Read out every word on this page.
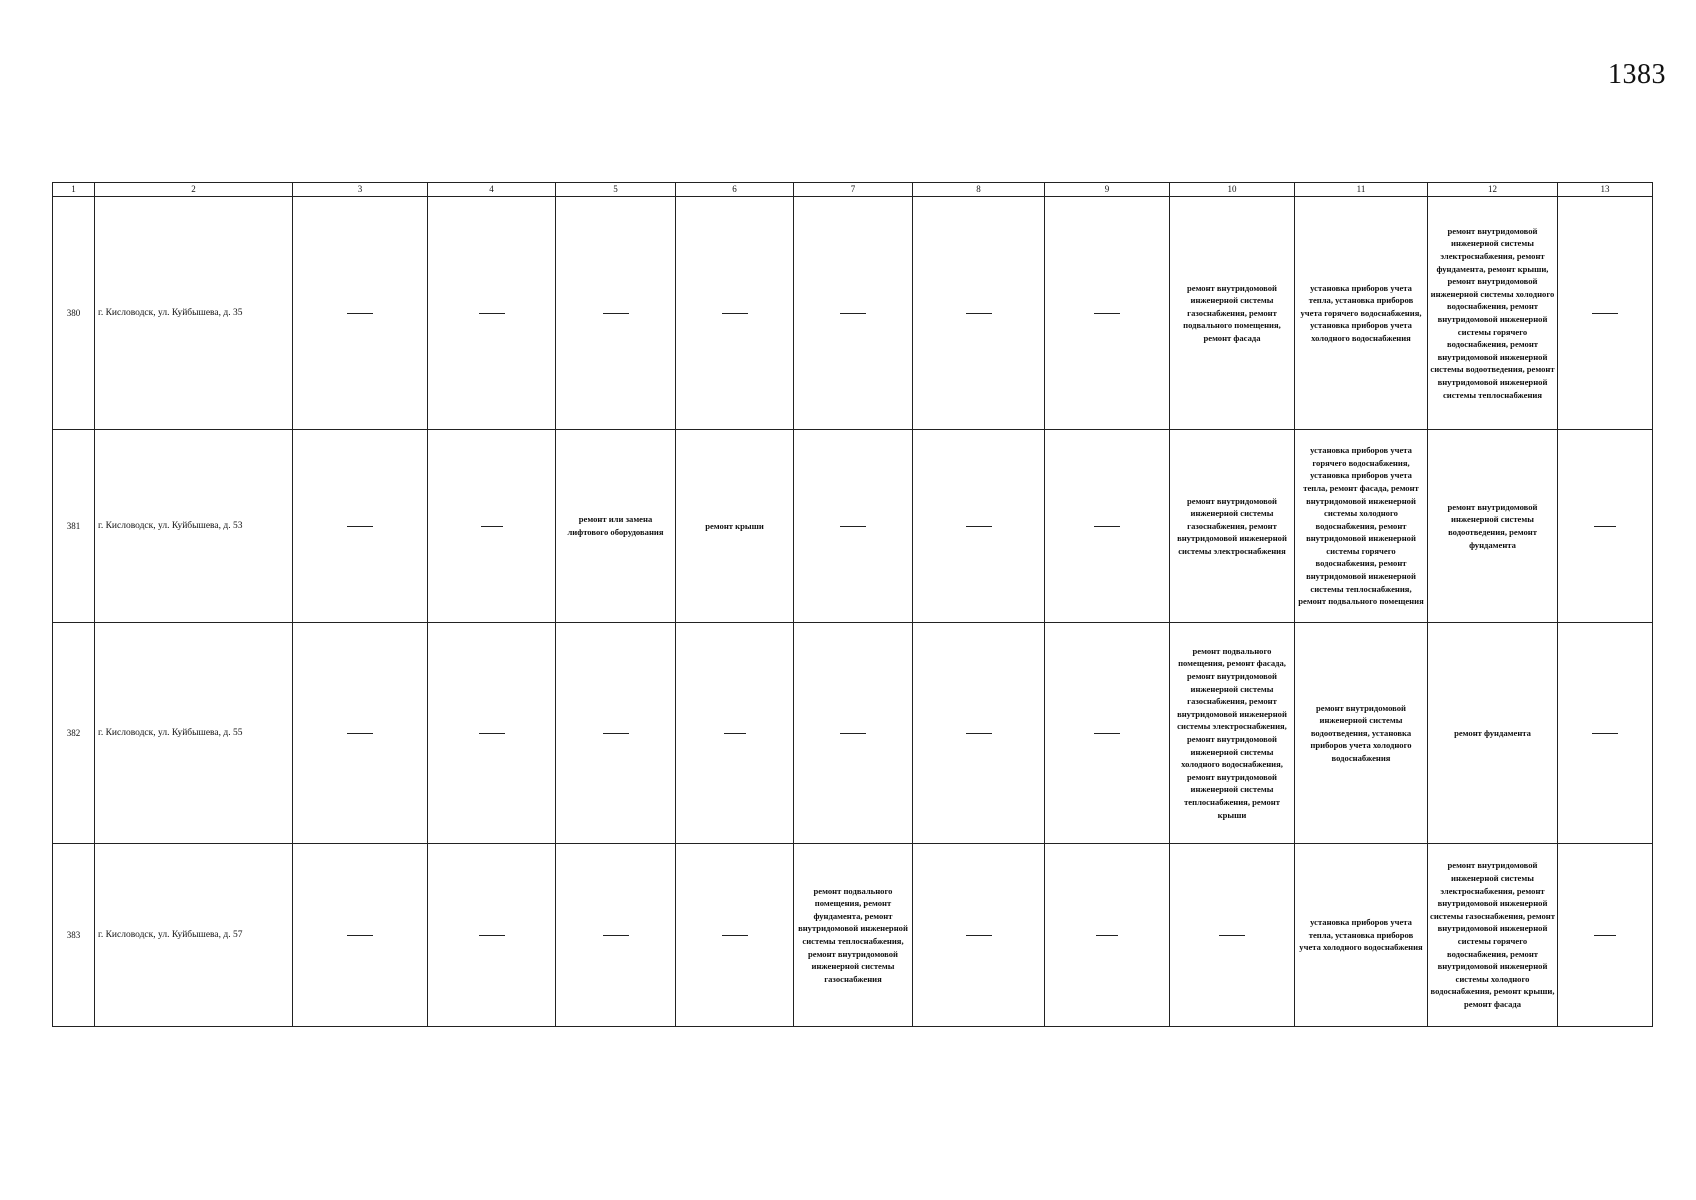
1383
1	2	3	4	5	6	7	8	9	10	11	12	13
380	г. Кисловодск, ул. Куйбышева, д. 35								ремонт внутридомовой инженерной системы газоснабжения, ремонт подвального помещения, ремонт фасада	установка приборов учета тепла, установка приборов учета горячего водоснабжения, установка приборов учета холодного водоснабжения	ремонт внутридомовой инженерной системы электроснабжения, ремонт фундамента, ремонт крыши, ремонт внутридомовой инженерной системы холодного водоснабжения, ремонт внутридомовой инженерной системы горячего водоснабжения, ремонт внутридомовой инженерной системы водоотведения, ремонт внутридомовой инженерной системы теплоснабжения	
381	г. Кисловодск, ул. Куйбышева, д. 53			ремонт или замена лифтового оборудования	ремонт крыши				ремонт внутридомовой инженерной системы газоснабжения, ремонт внутридомовой инженерной системы электроснабжения	установка приборов учета горячего водоснабжения, установка приборов учета тепла, ремонт фасада, ремонт внутридомовой инженерной системы холодного водоснабжения, ремонт внутридомовой инженерной системы горячего водоснабжения, ремонт внутридомовой инженерной системы теплоснабжения, ремонт подвального помещения	ремонт внутридомовой инженерной системы водоотведения, ремонт фундамента	
382	г. Кисловодск, ул. Куйбышева, д. 55								ремонт подвального помещения, ремонт фасада, ремонт внутридомовой инженерной системы газоснабжения, ремонт внутридомовой инженерной системы электроснабжения, ремонт внутридомовой инженерной системы холодного водоснабжения, ремонт внутридомовой инженерной системы теплоснабжения, ремонт крыши	ремонт внутридомовой инженерной системы водоотведения, установка приборов учета холодного водоснабжения	ремонт фундамента	
383	г. Кисловодск, ул. Куйбышева, д. 57					ремонт подвального помещения, ремонт фундамента, ремонт внутридомовой инженерной системы теплоснабжения, ремонт внутридомовой инженерной системы газоснабжения				установка приборов учета тепла, установка приборов учета холодного водоснабжения	ремонт внутридомовой инженерной системы электроснабжения, ремонт внутридомовой инженерной системы газоснабжения, ремонт внутридомовой инженерной системы горячего водоснабжения, ремонт внутридомовой инженерной системы холодного водоснабжения, ремонт крыши, ремонт фасада	
